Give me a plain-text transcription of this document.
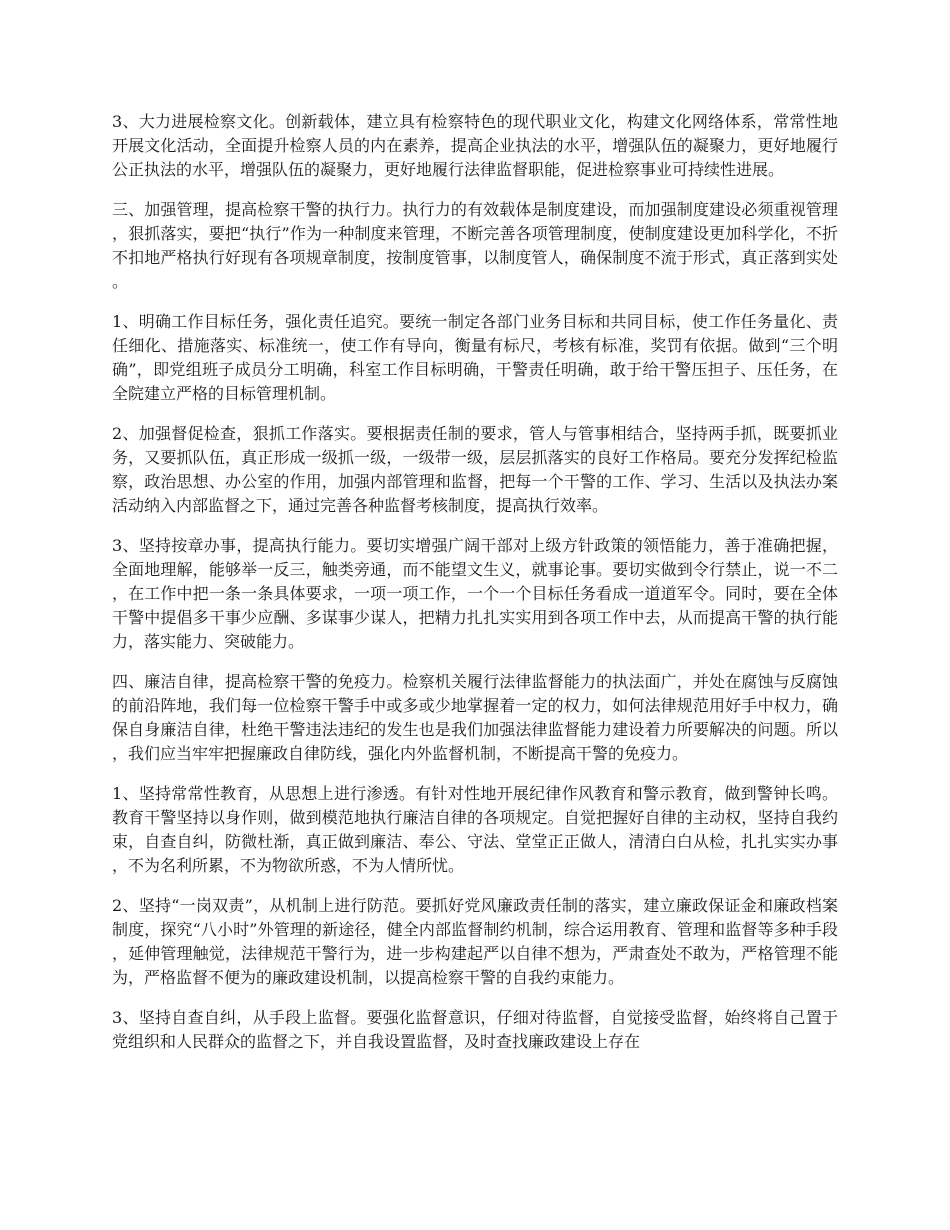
3、大力进展检察文化。创新载体，建立具有检察特色的现代职业文化，构建文化网络体系，常常性地开展文化活动，全面提升检察人员的内在素养，提高企业执法的水平，增强队伍的凝聚力，更好地履行公正执法的水平，增强队伍的凝聚力，更好地履行法律监督职能，促进检察事业可持续性进展。

三、加强管理，提高检察干警的执行力。执行力的有效载体是制度建设，而加强制度建设必须重视管理，狠抓落实，要把“执行”作为一种制度来管理，不断完善各项管理制度，使制度建设更加科学化，不折不扣地严格执行好现有各项规章制度，按制度管事，以制度管人，确保制度不流于形式，真正落到实处。

1、明确工作目标任务，强化责任追究。要统一制定各部门业务目标和共同目标，使工作任务量化、责任细化、措施落实、标准统一，使工作有导向，衡量有标尺，考核有标准，奖罚有依据。做到“三个明确”，即党组班子成员分工明确，科室工作目标明确，干警责任明确，敢于给干警压担子、压任务，在全院建立严格的目标管理机制。

2、加强督促检查，狠抓工作落实。要根据责任制的要求，管人与管事相结合，坚持两手抓，既要抓业务，又要抓队伍，真正形成一级抓一级，一级带一级，层层抓落实的良好工作格局。要充分发挥纪检监察，政治思想、办公室的作用，加强内部管理和监督，把每一个干警的工作、学习、生活以及执法办案活动纳入内部监督之下，通过完善各种监督考核制度，提高执行效率。

3、坚持按章办事，提高执行能力。要切实增强广阔干部对上级方针政策的领悟能力，善于准确把握，全面地理解，能够举一反三，触类旁通，而不能望文生义，就事论事。要切实做到令行禁止，说一不二，在工作中把一条一条具体要求，一项一项工作，一个一个目标任务看成一道道军令。同时，要在全体干警中提倡多干事少应酬、多谋事少谋人，把精力扎扎实实用到各项工作中去，从而提高干警的执行能力，落实能力、突破能力。

四、廉洁自律，提高检察干警的免疫力。检察机关履行法律监督能力的执法面广，并处在腐蚀与反腐蚀的前沿阵地，我们每一位检察干警手中或多或少地掌握着一定的权力，如何法律规范用好手中权力，确保自身廉洁自律，杜绝干警违法违纪的发生也是我们加强法律监督能力建设着力所要解决的问题。所以，我们应当牢牢把握廉政自律防线，强化内外监督机制，不断提高干警的免疫力。

1、坚持常常性教育，从思想上进行渗透。有针对性地开展纪律作风教育和警示教育，做到警钟长鸣。教育干警坚持以身作则，做到模范地执行廉洁自律的各项规定。自觉把握好自律的主动权，坚持自我约束，自查自纠，防微杜渐，真正做到廉洁、奉公、守法、堂堂正正做人，清清白白从检，扎扎实实办事，不为名利所累，不为物欲所惑，不为人情所忧。

2、坚持“一岗双责”，从机制上进行防范。要抓好党风廉政责任制的落实，建立廉政保证金和廉政档案制度，探究“八小时”外管理的新途径，健全内部监督制约机制，综合运用教育、管理和监督等多种手段，延伸管理触觉，法律规范干警行为，进一步构建起严以自律不想为，严肃查处不敢为，严格管理不能为，严格监督不便为的廉政建设机制，以提高检察干警的自我约束能力。

3、坚持自查自纠，从手段上监督。要强化监督意识，仔细对待监督，自觉接受监督，始终将自己置于党组织和人民群众的监督之下，并自我设置监督，及时查找廉政建设上存在
